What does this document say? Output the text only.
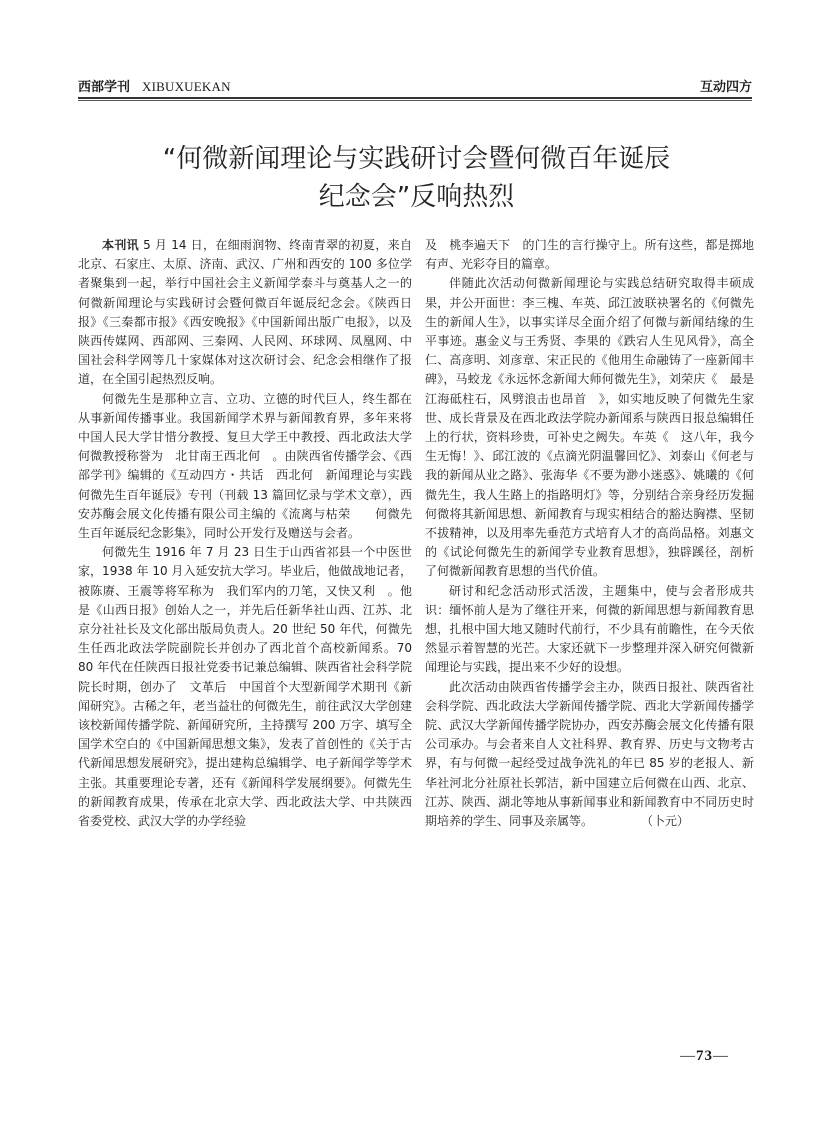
西部学刊 XIBUXUEKAN	互动四方
“何微新闻理论与实践研讨会暨何微百年诞辰
纪念会”反响热烈

本刊讯 5 月 14 日，在细雨润物、终南青翠的初夏，来自北京、石家庄、太原、济南、武汉、广州和西安的 100 多位学者聚集到一起，举行中国社会主义新闻学泰斗与奠基人之一的何微新闻理论与实践研讨会暨何微百年诞辰纪念会。《陕西日报》《三秦都市报》《西安晚报》《中国新闻出版广电报》，以及陕西传媒网、西部网、三秦网、人民网、环球网、凤凰网、中国社会科学网等几十家媒体对这次研讨会、纪念会相继作了报道，在全国引起热烈反响。

何微先生是那种立言、立功、立德的时代巨人，终生都在从事新闻传播事业。我国新闻学术界与新闻教育界，多年来将中国人民大学甘惜分教授、复旦大学王中教授、西北政法大学何微教授称誉为　北甘南王西北何　。由陕西省传播学会、《西部学刊》编辑的《互动四方・共话　西北何　新闻理论与实践何微先生百年诞辰》专刊（刊载 13 篇回忆录与学术文章），西安苏酶会展文化传播有限公司主编的《流离与枯荣　　何微先生百年诞辰纪念影集》，同时公开发行及赠送与会者。

何微先生 1916 年 7 月 23 日生于山西省祁县一个中医世家，1938 年 10 月入延安抗大学习。毕业后，他做战地记者，被陈赓、王震等将军称为　我们军内的刀笔，又快又利　。他是《山西日报》创始人之一，并先后任新华社山西、江苏、北京分社社长及文化部出版局负责人。20 世纪 50 年代，何微先生任西北政法学院副院长并创办了西北首个高校新闻系。70　80 年代在任陕西日报社党委书记兼总编辑、陕西省社会科学院院长时期，创办了　文革后　中国首个大型新闻学术期刊《新闻研究》。古稀之年，老当益壮的何微先生，前往武汉大学创建该校新闻传播学院、新闻研究所，主持撰写 200 万字、填写全国学术空白的《中国新闻思想文集》，发表了首创性的《关于古代新闻思想发展研究》，提出建构总编辑学、电子新闻学等学术主张。其重要理论专著，还有《新闻科学发展纲要》。何微先生的新闻教育成果，传承在北京大学、西北政法大学、中共陕西省委党校、武汉大学的办学经验

及　桃李遍天下　的门生的言行操守上。所有这些，都是掷地有声、光彩夺目的篇章。

伴随此次活动何微新闻理论与实践总结研究取得丰硕成果，并公开面世：李三槐、车英、邱江波联袂署名的《何微先生的新闻人生》，以事实详尽全面介绍了何微与新闻结缘的生平事迹。惠金义与王秀贤、李果的《跌宕人生见风骨》，高全仁、高彦明、刘彦章、宋正民的《他用生命融铸了一座新闻丰碑》，马蛟龙《永远怀念新闻大师何微先生》，刘荣庆《　最是江海砥柱石，风劈浪击也昂首　》，如实地反映了何微先生家世、成长背景及在西北政法学院办新闻系与陕西日报总编辑任上的行状，资料珍贵，可补史之阙失。车英《　这八年，我今生无悔！》、邱江波的《点滴光阴温馨回忆》、刘泰山《何老与我的新闻从业之路》、张海华《不要为渺小迷惑》、姚曦的《何微先生，我人生路上的指路明灯》等，分别结合亲身经历发掘何微将其新闻思想、新闻教育与现实相结合的豁达胸襟、坚韧不拔精神，以及用率先垂范方式培育人才的高尚品格。刘惠文的《试论何微先生的新闻学专业教育思想》，独辟蹊径，剖析了何微新闻教育思想的当代价值。

研讨和纪念活动形式活泼，主题集中，使与会者形成共识：缅怀前人是为了继往开来，何微的新闻思想与新闻教育思想，扎根中国大地又随时代前行，不少具有前瞻性，在今天依然显示着智慧的光芒。大家还就下一步整理并深入研究何微新闻理论与实践，提出来不少好的设想。

此次活动由陕西省传播学会主办，陕西日报社、陕西省社会科学院、西北政法大学新闻传播学院、西北大学新闻传播学院、武汉大学新闻传播学院协办，西安苏酶会展文化传播有限公司承办。与会者来自人文社科界、教育界、历史与文物考古界，有与何微一起经受过战争洗礼的年已 85 岁的老报人、新华社河北分社原社长郭洁，新中国建立后何微在山西、北京、江苏、陕西、湖北等地从事新闻事业和新闻教育中不同历史时期培养的学生、同事及亲属等。	（卜元）

—73—
